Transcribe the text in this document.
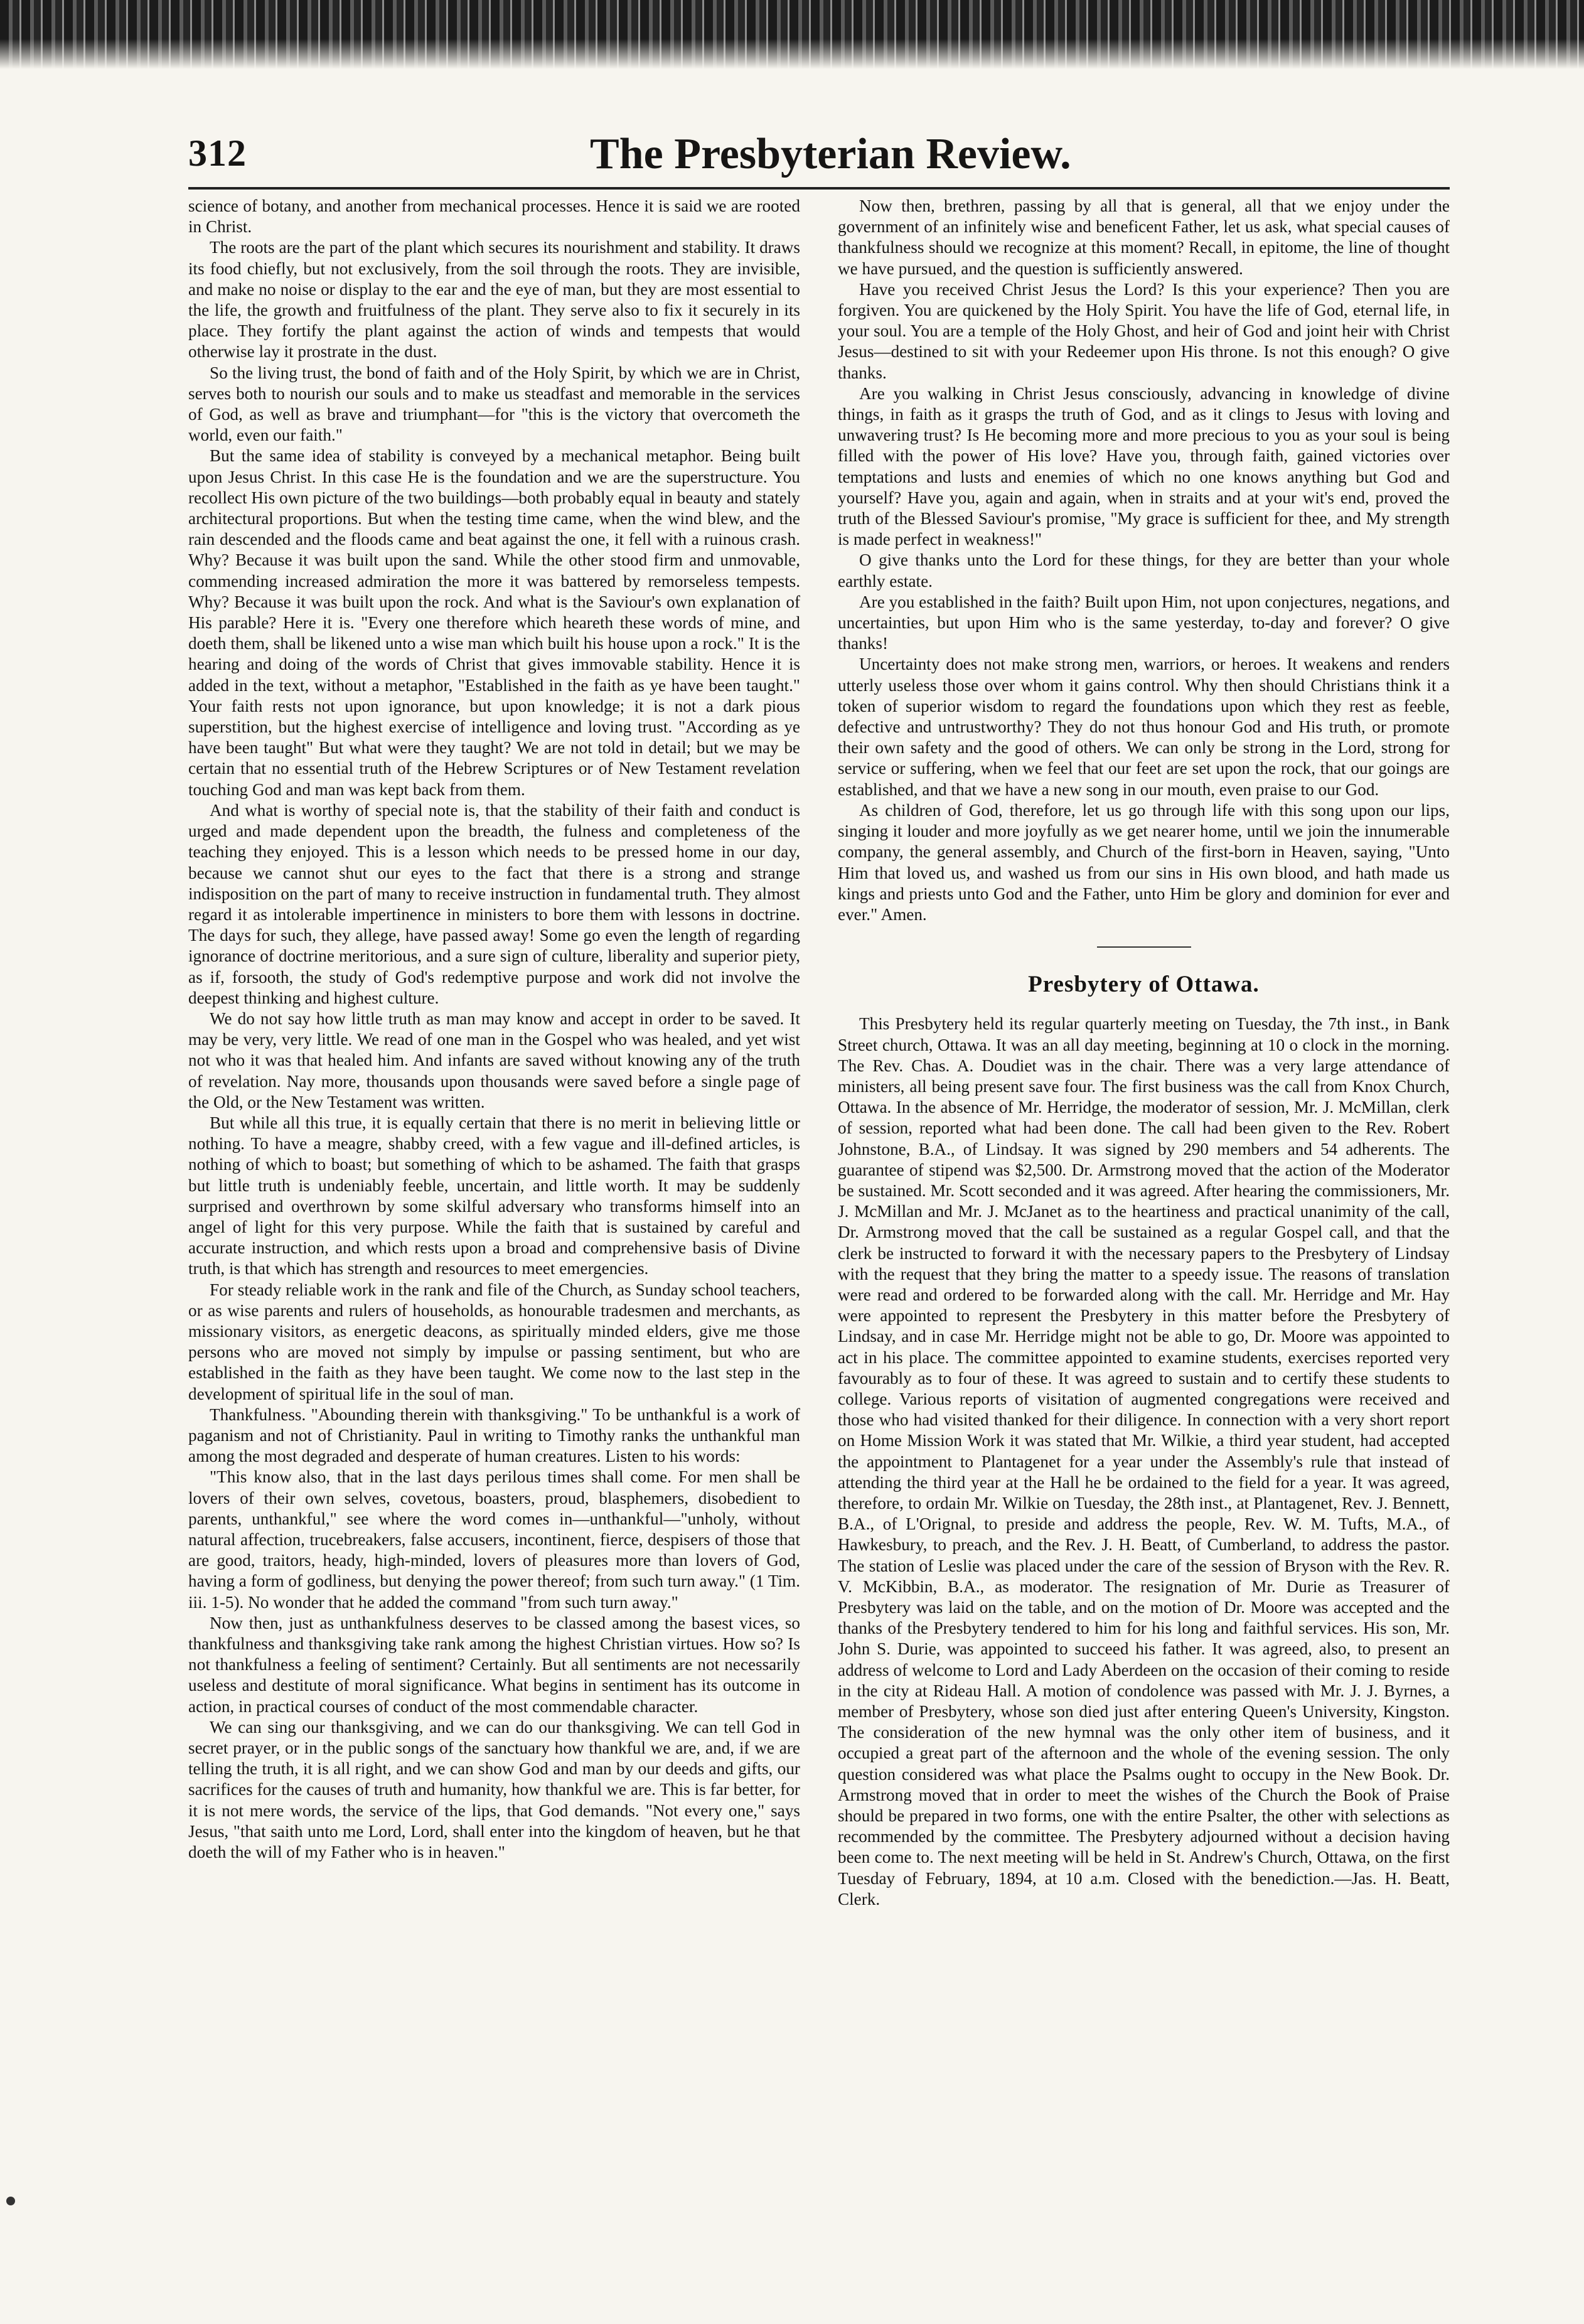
312	The Presbyterian Review.

science of botany, and another from mechanical processes. Hence it is said we are rooted in Christ.

The roots are the part of the plant which secures its nourishment and stability. It draws its food chiefly, but not exclusively, from the soil through the roots. They are invisible, and make no noise or display to the ear and the eye of man, but they are most essential to the life, the growth and fruitfulness of the plant. They serve also to fix it securely in its place. They fortify the plant against the action of winds and tempests that would otherwise lay it prostrate in the dust.

So the living trust, the bond of faith and of the Holy Spirit, by which we are in Christ, serves both to nourish our souls and to make us steadfast and memorable in the services of God, as well as brave and triumphant—for "this is the victory that overcometh the world, even our faith."

But the same idea of stability is conveyed by a mechanical metaphor. Being built upon Jesus Christ. In this case He is the foundation and we are the superstructure. You recollect His own picture of the two buildings—both probably equal in beauty and stately architectural proportions. But when the testing time came, when the wind blew, and the rain descended and the floods came and beat against the one, it fell with a ruinous crash. Why? Because it was built upon the sand. While the other stood firm and unmovable, commending increased admiration the more it was battered by remorseless tempests. Why? Because it was built upon the rock. And what is the Saviour's own explanation of His parable? Here it is. "Every one therefore which heareth these words of mine, and doeth them, shall be likened unto a wise man which built his house upon a rock." It is the hearing and doing of the words of Christ that gives immovable stability. Hence it is added in the text, without a metaphor, "Established in the faith as ye have been taught." Your faith rests not upon ignorance, but upon knowledge; it is not a dark pious superstition, but the highest exercise of intelligence and loving trust. "According as ye have been taught" But what were they taught? We are not told in detail; but we may be certain that no essential truth of the Hebrew Scriptures or of New Testament revelation touching God and man was kept back from them.

And what is worthy of special note is, that the stability of their faith and conduct is urged and made dependent upon the breadth, the fulness and completeness of the teaching they enjoyed. This is a lesson which needs to be pressed home in our day, because we cannot shut our eyes to the fact that there is a strong and strange indisposition on the part of many to receive instruction in fundamental truth. They almost regard it as intolerable impertinence in ministers to bore them with lessons in doctrine. The days for such, they allege, have passed away! Some go even the length of regarding ignorance of doctrine meritorious, and a sure sign of culture, liberality and superior piety, as if, forsooth, the study of God's redemptive purpose and work did not involve the deepest thinking and highest culture.

We do not say how little truth as man may know and accept in order to be saved. It may be very, very little. We read of one man in the Gospel who was healed, and yet wist not who it was that healed him. And infants are saved without knowing any of the truth of revelation. Nay more, thousands upon thousands were saved before a single page of the Old, or the New Testament was written.

But while all this true, it is equally certain that there is no merit in believing little or nothing. To have a meagre, shabby creed, with a few vague and ill-defined articles, is nothing of which to boast; but something of which to be ashamed. The faith that grasps but little truth is undeniably feeble, uncertain, and little worth. It may be suddenly surprised and overthrown by some skilful adversary who transforms himself into an angel of light for this very purpose. While the faith that is sustained by careful and accurate instruction, and which rests upon a broad and comprehensive basis of Divine truth, is that which has strength and resources to meet emergencies.

For steady reliable work in the rank and file of the Church, as Sunday school teachers, or as wise parents and rulers of households, as honourable tradesmen and merchants, as missionary visitors, as energetic deacons, as spiritually minded elders, give me those persons who are moved not simply by impulse or passing sentiment, but who are established in the faith as they have been taught. We come now to the last step in the development of spiritual life in the soul of man.

Thankfulness. "Abounding therein with thanksgiving." To be unthankful is a work of paganism and not of Christianity. Paul in writing to Timothy ranks the unthankful man among the most degraded and desperate of human creatures. Listen to his words:

"This know also, that in the last days perilous times shall come. For men shall be lovers of their own selves, covetous, boasters, proud, blasphemers, disobedient to parents, unthankful," see where the word comes in—unthankful—"unholy, without natural affection, trucebreakers, false accusers, incontinent, fierce, despisers of those that are good, traitors, heady, high-minded, lovers of pleasures more than lovers of God, having a form of godliness, but denying the power thereof; from such turn away." (1 Tim. iii. 1-5). No wonder that he added the command "from such turn away."

Now then, just as unthankfulness deserves to be classed among the basest vices, so thankfulness and thanksgiving take rank among the highest Christian virtues. How so? Is not thankfulness a feeling of sentiment? Certainly. But all sentiments are not necessarily useless and destitute of moral significance. What begins in sentiment has its outcome in action, in practical courses of conduct of the most commendable character.

We can sing our thanksgiving, and we can do our thanksgiving. We can tell God in secret prayer, or in the public songs of the sanctuary how thankful we are, and, if we are telling the truth, it is all right, and we can show God and man by our deeds and gifts, our sacrifices for the causes of truth and humanity, how thankful we are. This is far better, for it is not mere words, the service of the lips, that God demands. "Not every one," says Jesus, "that saith unto me Lord, Lord, shall enter into the kingdom of heaven, but he that doeth the will of my Father who is in heaven."

Now then, brethren, passing by all that is general, all that we enjoy under the government of an infinitely wise and beneficent Father, let us ask, what special causes of thankfulness should we recognize at this moment? Recall, in epitome, the line of thought we have pursued, and the question is sufficiently answered.

Have you received Christ Jesus the Lord? Is this your experience? Then you are forgiven. You are quickened by the Holy Spirit. You have the life of God, eternal life, in your soul. You are a temple of the Holy Ghost, and heir of God and joint heir with Christ Jesus—destined to sit with your Redeemer upon His throne. Is not this enough? O give thanks.

Are you walking in Christ Jesus consciously, advancing in knowledge of divine things, in faith as it grasps the truth of God, and as it clings to Jesus with loving and unwavering trust? Is He becoming more and more precious to you as your soul is being filled with the power of His love? Have you, through faith, gained victories over temptations and lusts and enemies of which no one knows anything but God and yourself? Have you, again and again, when in straits and at your wit's end, proved the truth of the Blessed Saviour's promise, "My grace is sufficient for thee, and My strength is made perfect in weakness!"

O give thanks unto the Lord for these things, for they are better than your whole earthly estate.

Are you established in the faith? Built upon Him, not upon conjectures, negations, and uncertainties, but upon Him who is the same yesterday, to-day and forever? O give thanks!

Uncertainty does not make strong men, warriors, or heroes. It weakens and renders utterly useless those over whom it gains control. Why then should Christians think it a token of superior wisdom to regard the foundations upon which they rest as feeble, defective and untrustworthy? They do not thus honour God and His truth, or promote their own safety and the good of others. We can only be strong in the Lord, strong for service or suffering, when we feel that our feet are set upon the rock, that our goings are established, and that we have a new song in our mouth, even praise to our God.

As children of God, therefore, let us go through life with this song upon our lips, singing it louder and more joyfully as we get nearer home, until we join the innumerable company, the general assembly, and Church of the first-born in Heaven, saying, "Unto Him that loved us, and washed us from our sins in His own blood, and hath made us kings and priests unto God and the Father, unto Him be glory and dominion for ever and ever." Amen.

Presbytery of Ottawa.

This Presbytery held its regular quarterly meeting on Tuesday, the 7th inst., in Bank Street church, Ottawa. It was an all day meeting, beginning at 10 o clock in the morning. The Rev. Chas. A. Doudiet was in the chair. There was a very large attendance of ministers, all being present save four. The first business was the call from Knox Church, Ottawa. In the absence of Mr. Herridge, the moderator of session, Mr. J. McMillan, clerk of session, reported what had been done. The call had been given to the Rev. Robert Johnstone, B.A., of Lindsay. It was signed by 290 members and 54 adherents. The guarantee of stipend was $2,500. Dr. Armstrong moved that the action of the Moderator be sustained. Mr. Scott seconded and it was agreed. After hearing the commissioners, Mr. J. McMillan and Mr. J. McJanet as to the heartiness and practical unanimity of the call, Dr. Armstrong moved that the call be sustained as a regular Gospel call, and that the clerk be instructed to forward it with the necessary papers to the Presbytery of Lindsay with the request that they bring the matter to a speedy issue. The reasons of translation were read and ordered to be forwarded along with the call. Mr. Herridge and Mr. Hay were appointed to represent the Presbytery in this matter before the Presbytery of Lindsay, and in case Mr. Herridge might not be able to go, Dr. Moore was appointed to act in his place. The committee appointed to examine students, exercises reported very favourably as to four of these. It was agreed to sustain and to certify these students to college. Various reports of visitation of augmented congregations were received and those who had visited thanked for their diligence. In connection with a very short report on Home Mission Work it was stated that Mr. Wilkie, a third year student, had accepted the appointment to Plantagenet for a year under the Assembly's rule that instead of attending the third year at the Hall he be ordained to the field for a year. It was agreed, therefore, to ordain Mr. Wilkie on Tuesday, the 28th inst., at Plantagenet, Rev. J. Bennett, B.A., of L'Orignal, to preside and address the people, Rev. W. M. Tufts, M.A., of Hawkesbury, to preach, and the Rev. J. H. Beatt, of Cumberland, to address the pastor. The station of Leslie was placed under the care of the session of Bryson with the Rev. R. V. McKibbin, B.A., as moderator. The resignation of Mr. Durie as Treasurer of Presbytery was laid on the table, and on the motion of Dr. Moore was accepted and the thanks of the Presbytery tendered to him for his long and faithful services. His son, Mr. John S. Durie, was appointed to succeed his father. It was agreed, also, to present an address of welcome to Lord and Lady Aberdeen on the occasion of their coming to reside in the city at Rideau Hall. A motion of condolence was passed with Mr. J. J. Byrnes, a member of Presbytery, whose son died just after entering Queen's University, Kingston. The consideration of the new hymnal was the only other item of business, and it occupied a great part of the afternoon and the whole of the evening session. The only question considered was what place the Psalms ought to occupy in the New Book. Dr. Armstrong moved that in order to meet the wishes of the Church the Book of Praise should be prepared in two forms, one with the entire Psalter, the other with selections as recommended by the committee. The Presbytery adjourned without a decision having been come to. The next meeting will be held in St. Andrew's Church, Ottawa, on the first Tuesday of February, 1894, at 10 a.m. Closed with the benediction.—Jas. H. Beatt, Clerk.
